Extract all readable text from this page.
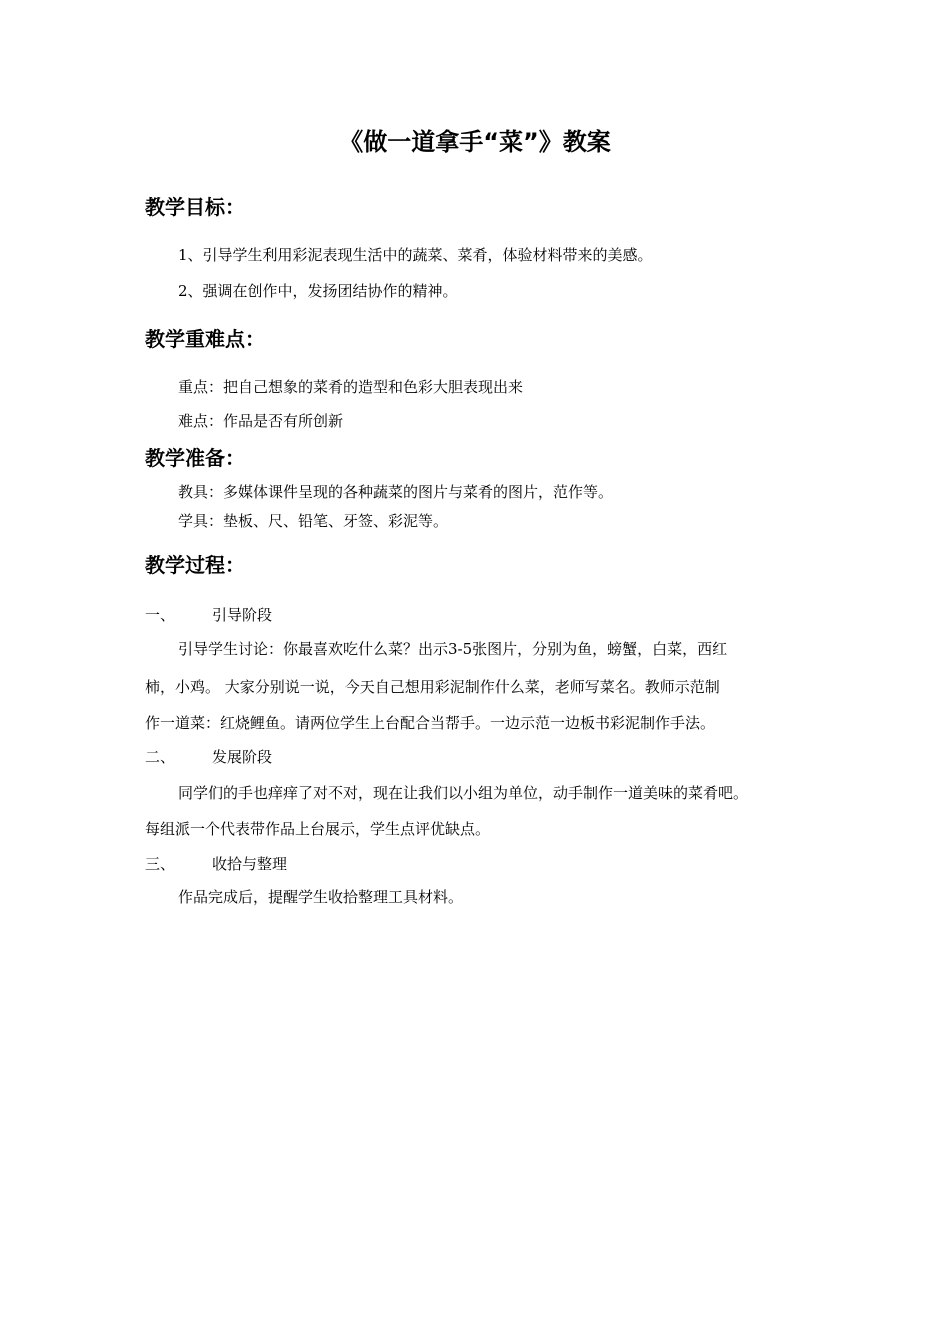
《做一道拿手“菜”》教案
教学目标：
1、引导学生利用彩泥表现生活中的蔬菜、菜肴，体验材料带来的美感。
2、强调在创作中，发扬团结协作的精神。
教学重难点：
重点：把自己想象的菜肴的造型和色彩大胆表现出来
难点：作品是否有所创新
教学准备：
教具：多媒体课件呈现的各种蔬菜的图片与菜肴的图片，范作等。
学具：垫板、尺、铅笔、牙签、彩泥等。
教学过程：
一、 引导阶段
引导学生讨论：你最喜欢吃什么菜？出示3-5张图片，分别为鱼，螃蟹，白菜，西红
柿，小鸡。 大家分别说一说，今天自己想用彩泥制作什么菜，老师写菜名。教师示范制
作一道菜：红烧鲤鱼。请两位学生上台配合当帮手。一边示范一边板书彩泥制作手法。
二、 发展阶段
同学们的手也痒痒了对不对，现在让我们以小组为单位，动手制作一道美味的菜肴吧。
每组派一个代表带作品上台展示，学生点评优缺点。
三、 收拾与整理
作品完成后，提醒学生收拾整理工具材料。
